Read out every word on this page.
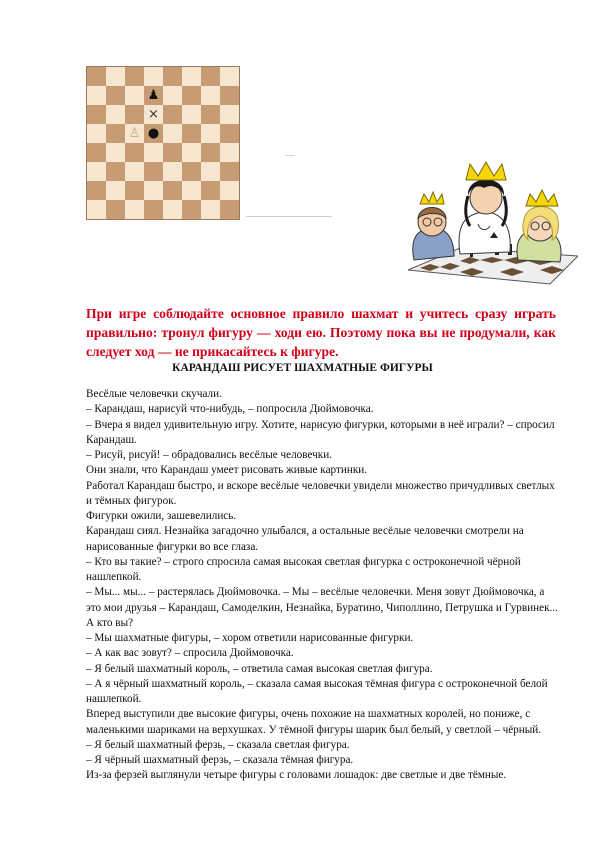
♟
×
♙ ●

При игре соблюдайте основное правило шахмат и учитесь сразу играть правильно: тронул фигуру — ходи ею. Поэтому пока вы не продумали, как следует ход — не прикасайтесь к фигуре.

КАРАНДАШ РИСУЕТ ШАХМАТНЫЕ ФИГУРЫ

Весёлые человечки скучали.

– Карандаш, нарисуй что-нибудь, – попросила Дюймовочка.

– Вчера я видел удивительную игру. Хотите, нарисую фигурки, которыми в неё играли? – спросил Карандаш.

– Рисуй, рисуй! – обрадовались весёлые человечки.

Они знали, что Карандаш умеет рисовать живые картинки.

Работал Карандаш быстро, и вскоре весёлые человечки увидели множество причудливых светлых и тёмных фигурок.

Фигурки ожили, зашевелились.

Карандаш сиял. Незнайка загадочно улыбался, а остальные весёлые человечки смотрели на нарисованные фигурки во все глаза.

– Кто вы такие? – строго спросила самая высокая светлая фигурка с остроконечной чёрной нашлепкой.

– Мы... мы... – растерялась Дюймовочка. – Мы – весёлые человечки. Меня зовут Дюймовочка, а это мои друзья – Карандаш, Самоделкин, Незнайка, Буратино, Чиполлино, Петрушка и Гурвинек... А кто вы?

– Мы шахматные фигуры, – хором ответили нарисованные фигурки.

– А как вас зовут? – спросила Дюймовочка.

– Я белый шахматный король, – ответила самая высокая светлая фигура.

– А я чёрный шахматный король, – сказала самая высокая тёмная фигура с остроконечной белой нашлепкой.

Вперед выступили две высокие фигуры, очень похожие на шахматных королей, но пониже, с маленькими шариками на верхушках. У тёмной фигуры шарик был белый, у светлой – чёрный.

– Я белый шахматный ферзь, – сказала светлая фигура.

– Я чёрный шахматный ферзь, – сказала тёмная фигура.

Из-за ферзей выглянули четыре фигуры с головами лошадок: две светлые и две тёмные.
